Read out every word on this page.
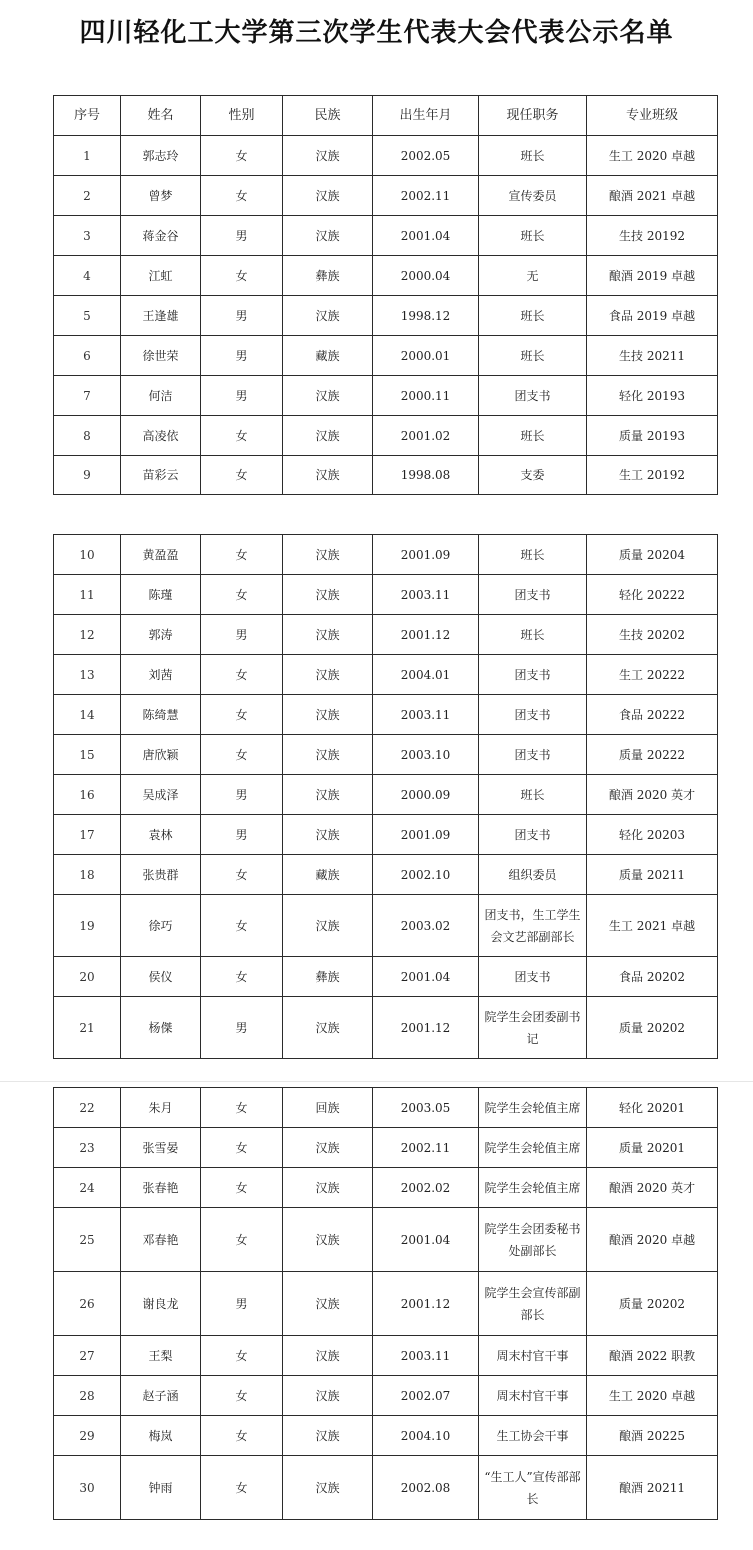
四川轻化工大学第三次学生代表大会代表公示名单
序号	姓名	性别	民族	出生年月	现任职务	专业班级
1	郭志玲	女	汉族	2002.05	班长	生工 2020 卓越
2	曾梦	女	汉族	2002.11	宣传委员	酿酒 2021 卓越
3	蒋金谷	男	汉族	2001.04	班长	生技 20192
4	江虹	女	彝族	2000.04	无	酿酒 2019 卓越
5	王逢雄	男	汉族	1998.12	班长	食品 2019 卓越
6	徐世荣	男	藏族	2000.01	班长	生技 20211
7	何洁	男	汉族	2000.11	团支书	轻化 20193
8	高凌依	女	汉族	2001.02	班长	质量 20193
9	苗彩云	女	汉族	1998.08	支委	生工 20192
10	黄盈盈	女	汉族	2001.09	班长	质量 20204
11	陈瑾	女	汉族	2003.11	团支书	轻化 20222
12	郭涛	男	汉族	2001.12	班长	生技 20202
13	刘茜	女	汉族	2004.01	团支书	生工 20222
14	陈绮慧	女	汉族	2003.11	团支书	食品 20222
15	唐欣颖	女	汉族	2003.10	团支书	质量 20222
16	吴成泽	男	汉族	2000.09	班长	酿酒 2020 英才
17	袁林	男	汉族	2001.09	团支书	轻化 20203
18	张贵群	女	藏族	2002.10	组织委员	质量 20211
19	徐巧	女	汉族	2003.02	团支书，生工学生会文艺部副部长	生工 2021 卓越
20	侯仪	女	彝族	2001.04	团支书	食品 20202
21	杨傑	男	汉族	2001.12	院学生会团委副书记	质量 20202
22	朱月	女	回族	2003.05	院学生会轮值主席	轻化 20201
23	张雪晏	女	汉族	2002.11	院学生会轮值主席	质量 20201
24	张春艳	女	汉族	2002.02	院学生会轮值主席	酿酒 2020 英才
25	邓春艳	女	汉族	2001.04	院学生会团委秘书处副部长	酿酒 2020 卓越
26	谢良龙	男	汉族	2001.12	院学生会宣传部副部长	质量 20202
27	王梨	女	汉族	2003.11	周末村官干事	酿酒 2022 职教
28	赵子涵	女	汉族	2002.07	周末村官干事	生工 2020 卓越
29	梅岚	女	汉族	2004.10	生工协会干事	酿酒 20225
30	钟雨	女	汉族	2002.08	“生工人”宣传部部长	酿酒 20211
